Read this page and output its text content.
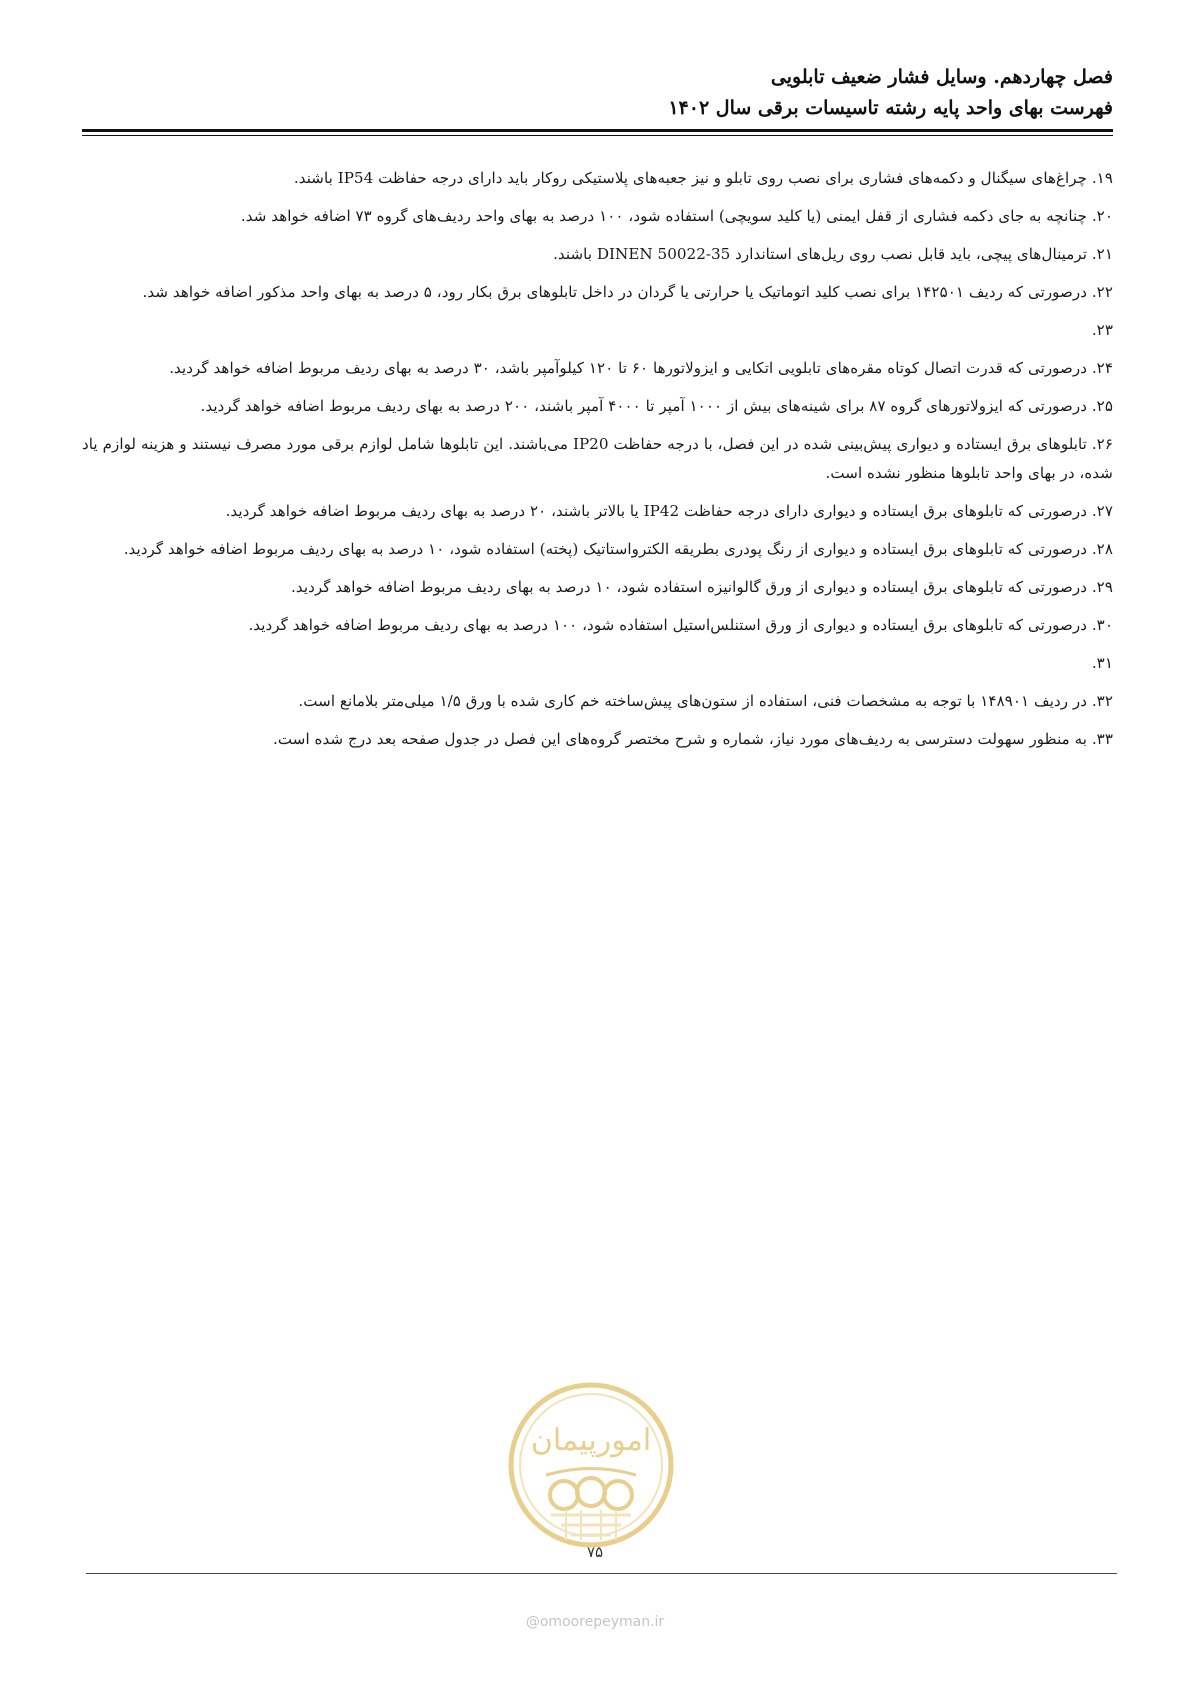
فصل چهاردهم. وسایل فشار ضعیف تابلویی
فهرست بهای واحد پایه رشته تاسیسات برقی سال ۱۴۰۲

۱۹. چراغ‌های سیگنال و دکمه‌های فشاری برای نصب روی تابلو و نیز جعبه‌های پلاستیکی روکار باید دارای درجه حفاظت IP54 باشند.

۲۰. چنانچه به جای دکمه فشاری از قفل ایمنی (یا کلید سویچی) استفاده شود، ۱۰۰ درصد به بهای واحد ردیف‌های گروه ۷۳ اضافه خواهد شد.

۲۱. ترمینال‌های پیچی، باید قابل نصب روی ریل‌های استاندارد DINEN 50022-35 باشند.

۲۲. درصورتی که ردیف ۱۴۲۵۰۱ برای نصب کلید اتوماتیک یا حرارتی یا گردان در داخل تابلوهای برق بکار رود، ۵ درصد به بهای واحد مذکور اضافه خواهد شد.

۲۳.

۲۴. درصورتی که قدرت اتصال کوتاه مقره‌های تابلویی اتکایی و ایزولاتورها ۶۰ تا ۱۲۰ کیلوآمپر باشد، ۳۰ درصد به بهای ردیف مربوط اضافه خواهد گردید.

۲۵. درصورتی که ایزولاتورهای گروه ۸۷ برای شینه‌های بیش از ۱۰۰۰ آمپر تا ۴۰۰۰ آمپر باشند، ۲۰۰ درصد به بهای ردیف مربوط اضافه خواهد گردید.

۲۶. تابلوهای برق ایستاده و دیواری پیش‌بینی شده در این فصل، با درجه حفاظت IP20 می‌باشند. این تابلوها شامل لوازم برقی مورد مصرف نیستند و هزینه لوازم یاد شده، در بهای واحد تابلوها منظور نشده است.

۲۷. درصورتی که تابلوهای برق ایستاده و دیواری دارای درجه حفاظت IP42 یا بالاتر باشند، ۲۰ درصد به بهای ردیف مربوط اضافه خواهد گردید.

۲۸. درصورتی که تابلوهای برق ایستاده و دیواری از رنگ پودری بطریقه الکترواستاتیک (پخته) استفاده شود، ۱۰ درصد به بهای ردیف مربوط اضافه خواهد گردید.

۲۹. درصورتی که تابلوهای برق ایستاده و دیواری از ورق گالوانیزه استفاده شود، ۱۰ درصد به بهای ردیف مربوط اضافه خواهد گردید.

۳۰. درصورتی که تابلوهای برق ایستاده و دیواری از ورق استنلس‌استیل استفاده شود، ۱۰۰ درصد به بهای ردیف مربوط اضافه خواهد گردید.

۳۱.

۳۲. در ردیف ۱۴۸۹۰۱ با توجه به مشخصات فنی، استفاده از ستون‌های پیش‌ساخته خم کاری شده با ورق ۱/۵ میلی‌متر بلامانع است.

۳۳. به منظور سهولت دسترسی به ردیف‌های مورد نیاز، شماره و شرح مختصر گروه‌های این فصل در جدول صفحه بعد درج شده است.

امورپیمان
۷۵
@omoorepeyman.ir
